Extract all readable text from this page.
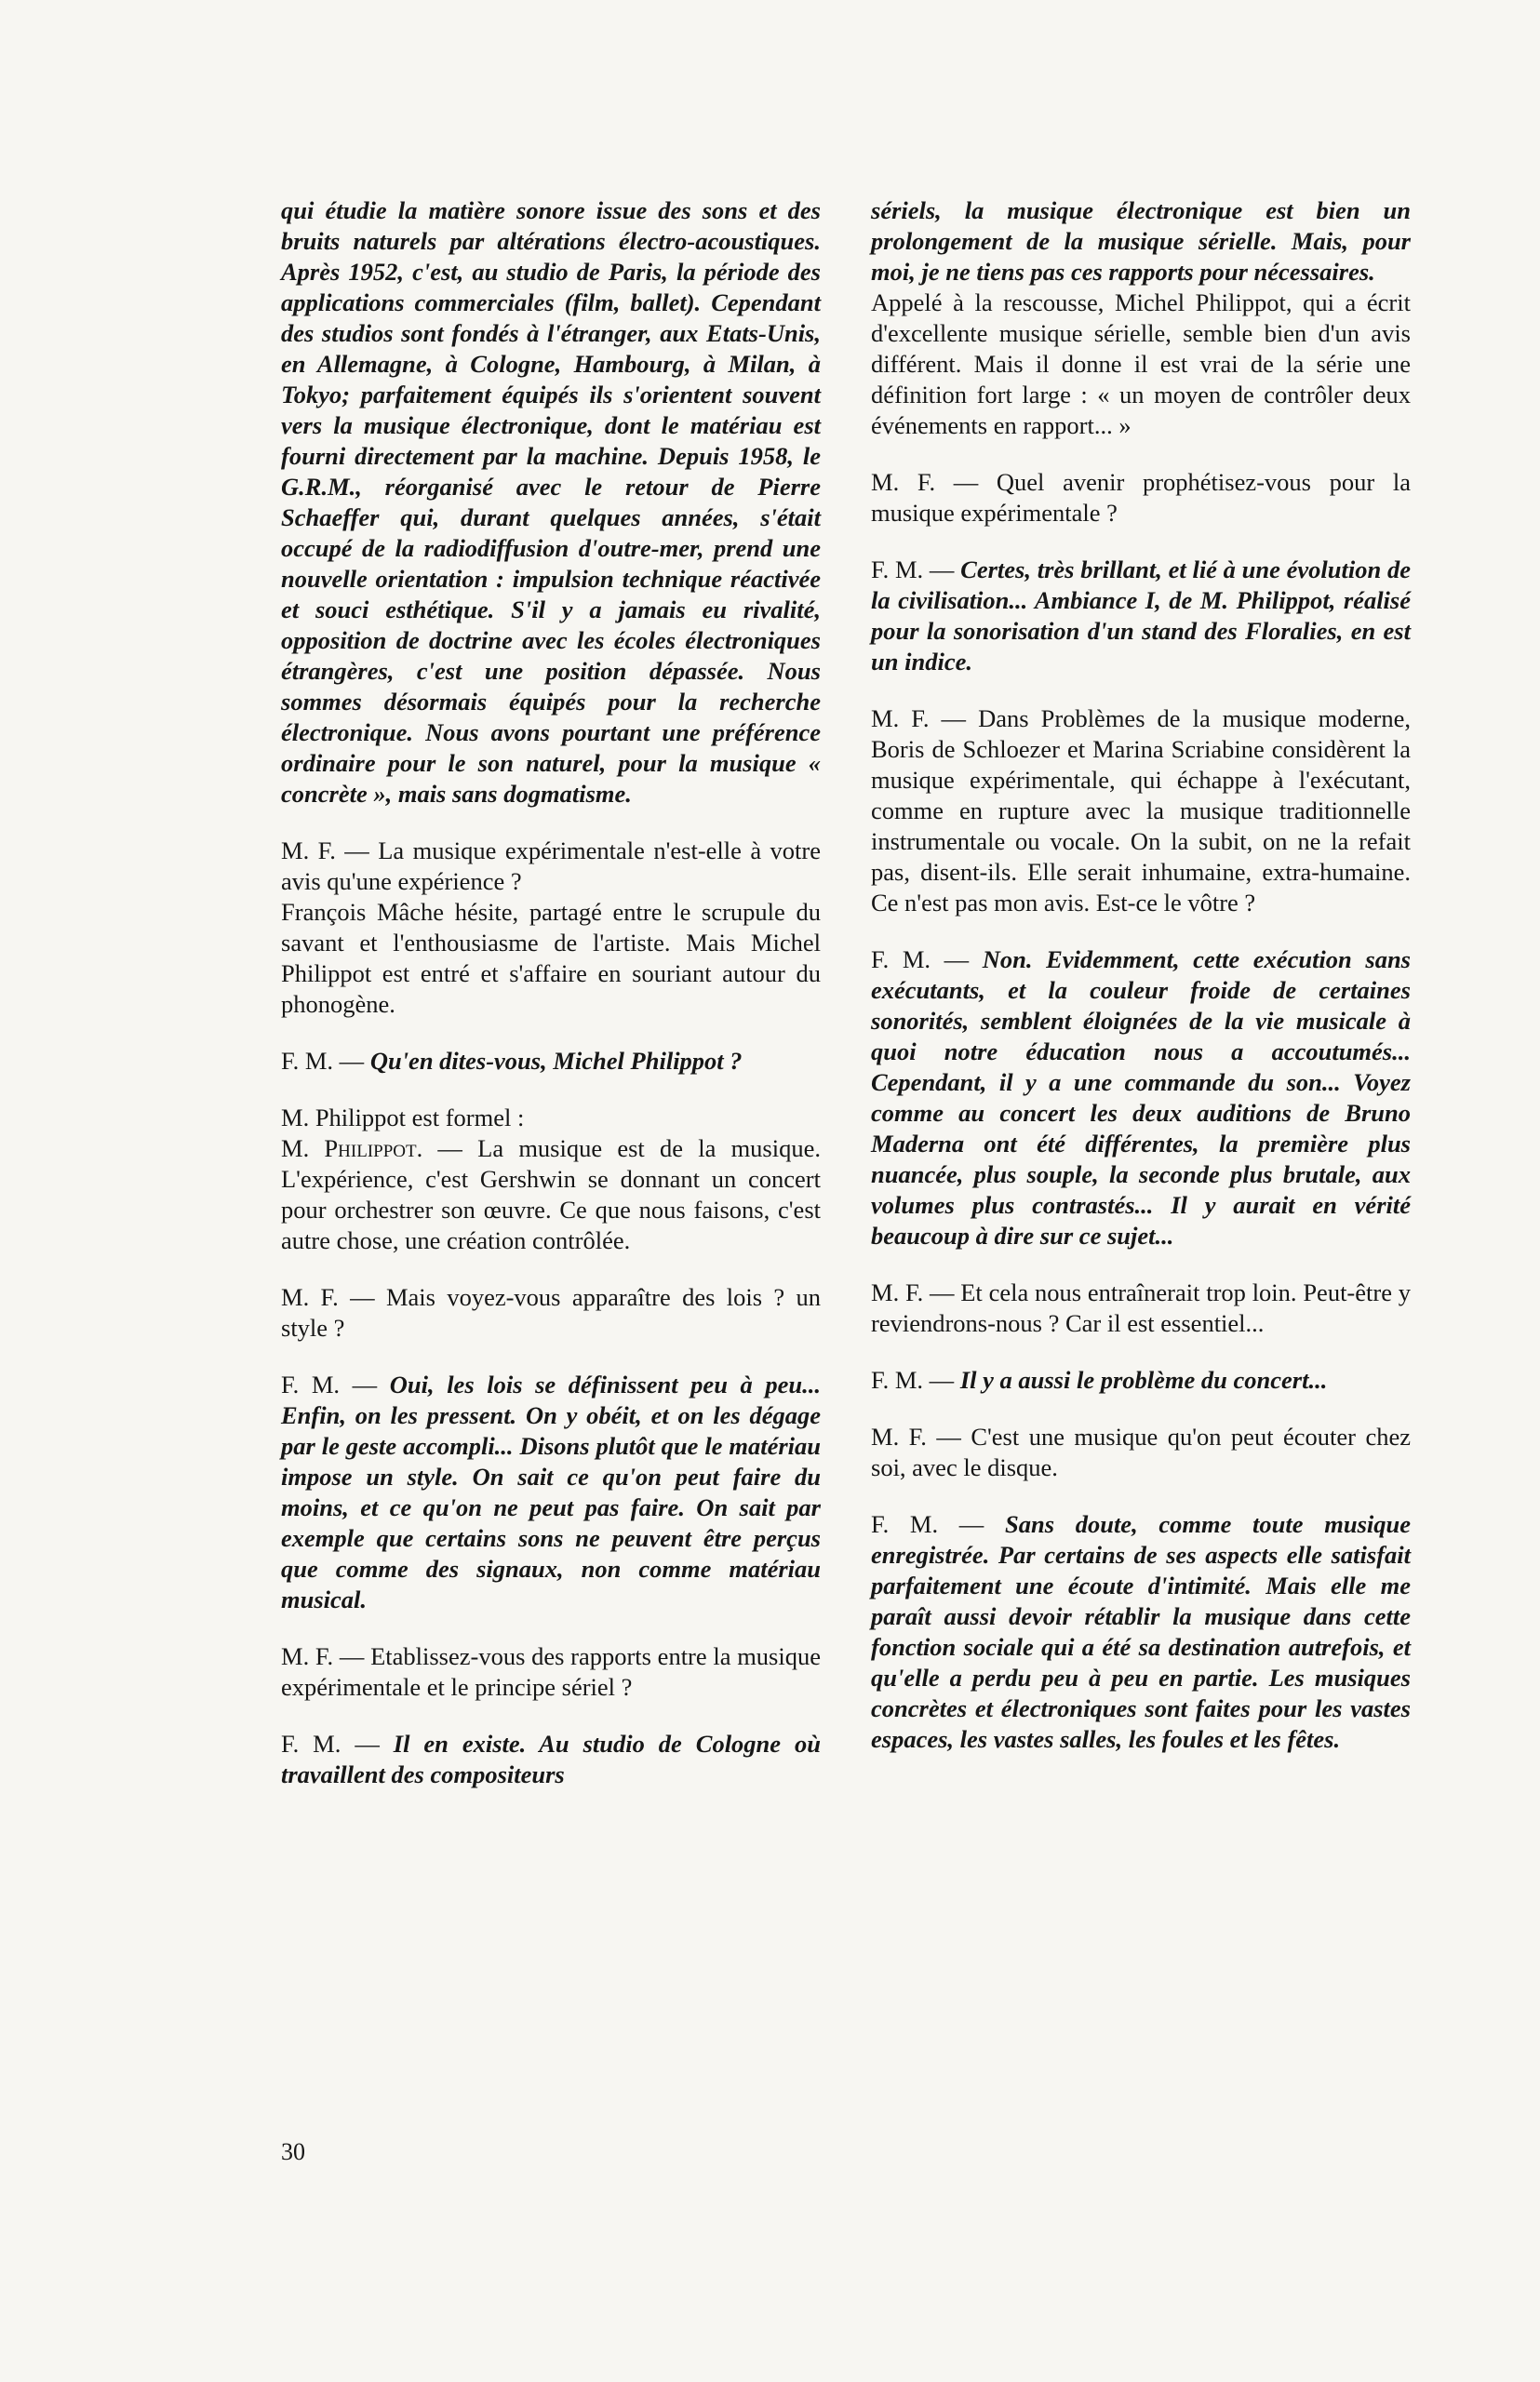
qui étudie la matière sonore issue des sons et des bruits naturels par altérations électro-acoustiques. Après 1952, c'est, au studio de Paris, la période des applications commerciales (film, ballet). Cependant des studios sont fondés à l'étranger, aux Etats-Unis, en Allemagne, à Cologne, Hambourg, à Milan, à Tokyo; parfaitement équipés ils s'orientent souvent vers la musique électronique, dont le matériau est fourni directement par la machine. Depuis 1958, le G.R.M., réorganisé avec le retour de Pierre Schaeffer qui, durant quelques années, s'était occupé de la radiodiffusion d'outre-mer, prend une nouvelle orientation : impulsion technique réactivée et souci esthétique. S'il y a jamais eu rivalité, opposition de doctrine avec les écoles électroniques étrangères, c'est une position dépassée. Nous sommes désormais équipés pour la recherche électronique. Nous avons pourtant une préférence ordinaire pour le son naturel, pour la musique « concrète », mais sans dogmatisme.

M. F. — La musique expérimentale n'est-elle à votre avis qu'une expérience ?

François Mâche hésite, partagé entre le scrupule du savant et l'enthousiasme de l'artiste. Mais Michel Philippot est entré et s'affaire en souriant autour du phonogène.

F. M. — Qu'en dites-vous, Michel Philippot ?

M. Philippot est formel :

M. Philippot. — La musique est de la musique. L'expérience, c'est Gershwin se donnant un concert pour orchestrer son œuvre. Ce que nous faisons, c'est autre chose, une création contrôlée.

M. F. — Mais voyez-vous apparaître des lois ? un style ?

F. M. — Oui, les lois se définissent peu à peu... Enfin, on les pressent. On y obéit, et on les dégage par le geste accompli... Disons plutôt que le matériau impose un style. On sait ce qu'on peut faire du moins, et ce qu'on ne peut pas faire. On sait par exemple que certains sons ne peuvent être perçus que comme des signaux, non comme matériau musical.

M. F. — Etablissez-vous des rapports entre la musique expérimentale et le principe sériel ?

F. M. — Il en existe. Au studio de Cologne où travaillent des compositeurs

sériels, la musique électronique est bien un prolongement de la musique sérielle. Mais, pour moi, je ne tiens pas ces rapports pour nécessaires.

Appelé à la rescousse, Michel Philippot, qui a écrit d'excellente musique sérielle, semble bien d'un avis différent. Mais il donne il est vrai de la série une définition fort large : « un moyen de contrôler deux événements en rapport... »

M. F. — Quel avenir prophétisez-vous pour la musique expérimentale ?

F. M. — Certes, très brillant, et lié à une évolution de la civilisation... Ambiance I, de M. Philippot, réalisé pour la sonorisation d'un stand des Floralies, en est un indice.

M. F. — Dans Problèmes de la musique moderne, Boris de Schloezer et Marina Scriabine considèrent la musique expérimentale, qui échappe à l'exécutant, comme en rupture avec la musique traditionnelle instrumentale ou vocale. On la subit, on ne la refait pas, disent-ils. Elle serait inhumaine, extra-humaine. Ce n'est pas mon avis. Est-ce le vôtre ?

F. M. — Non. Evidemment, cette exécution sans exécutants, et la couleur froide de certaines sonorités, semblent éloignées de la vie musicale à quoi notre éducation nous a accoutumés... Cependant, il y a une commande du son... Voyez comme au concert les deux auditions de Bruno Maderna ont été différentes, la première plus nuancée, plus souple, la seconde plus brutale, aux volumes plus contrastés... Il y aurait en vérité beaucoup à dire sur ce sujet...

M. F. — Et cela nous entraînerait trop loin. Peut-être y reviendrons-nous ? Car il est essentiel...

F. M. — Il y a aussi le problème du concert...

M. F. — C'est une musique qu'on peut écouter chez soi, avec le disque.

F. M. — Sans doute, comme toute musique enregistrée. Par certains de ses aspects elle satisfait parfaitement une écoute d'intimité. Mais elle me paraît aussi devoir rétablir la musique dans cette fonction sociale qui a été sa destination autrefois, et qu'elle a perdu peu à peu en partie. Les musiques concrètes et électroniques sont faites pour les vastes espaces, les vastes salles, les foules et les fêtes.

30
